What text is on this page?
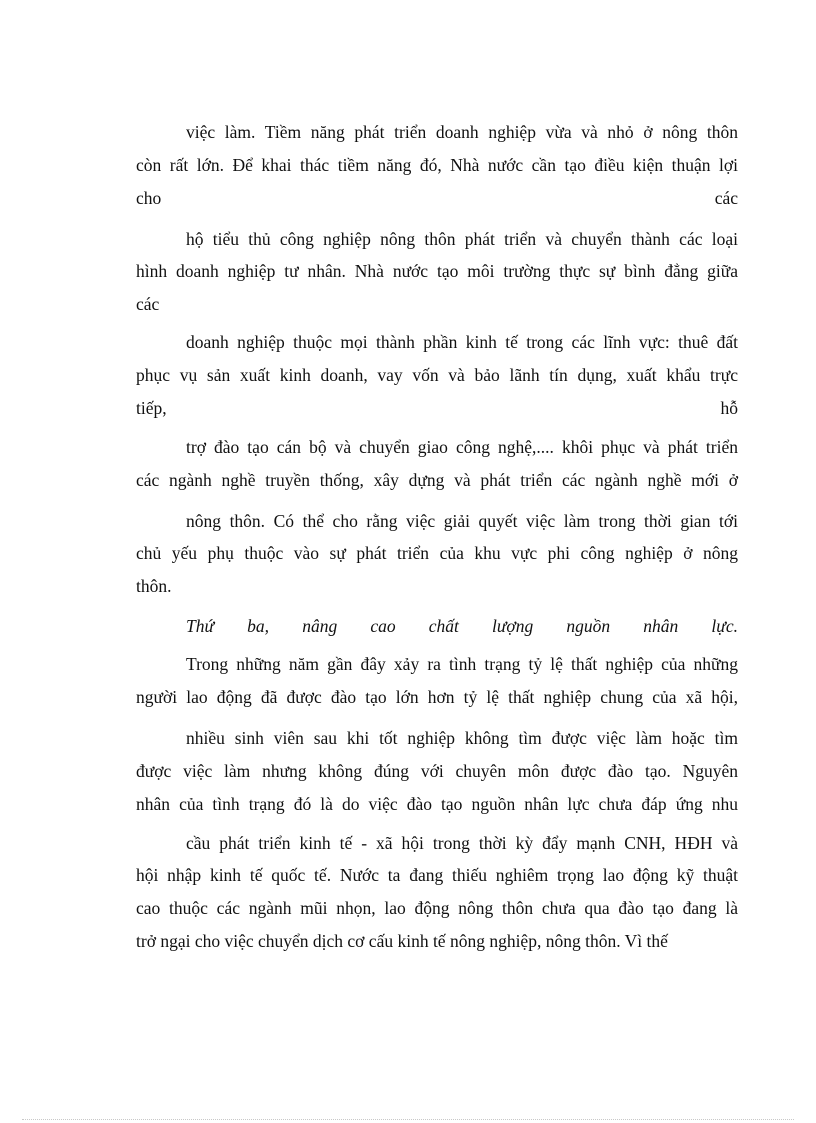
việc làm. Tiềm năng phát triển doanh nghiệp vừa và nhỏ ở nông thôn
còn rất lớn. Để khai thác tiềm năng đó, Nhà nước cần tạo điều kiện thuận lợi
cho	các
hộ tiểu thủ công nghiệp nông thôn phát triển và chuyển thành các loại
hình doanh nghiệp tư nhân. Nhà nước tạo môi trường thực sự bình đẳng giữa
các
doanh nghiệp thuộc mọi thành phần kinh tế trong các lĩnh vực: thuê đất
phục vụ sản xuất kinh doanh, vay vốn và bảo lãnh tín dụng, xuất khẩu trực
tiếp,	hỗ
trợ đào tạo cán bộ và chuyển giao công nghệ,.... khôi phục và phát triển
các ngành nghề truyền thống, xây dựng và phát triển các ngành nghề mới ở
nông thôn. Có thể cho rằng việc giải quyết việc làm trong thời gian tới
chủ yếu phụ thuộc vào sự phát triển của khu vực phi công nghiệp ở nông
thôn.
Thứ ba, nâng cao chất lượng nguồn nhân lực.
Trong những năm gần đây xảy ra tình trạng tỷ lệ thất nghiệp của những
người lao động đã được đào tạo lớn hơn tỷ lệ thất nghiệp chung của xã hội,
nhiều sinh viên sau khi tốt nghiệp không tìm được việc làm hoặc tìm
được việc làm nhưng không đúng với chuyên môn được đào tạo. Nguyên
nhân của tình trạng đó là do việc đào tạo nguồn nhân lực chưa đáp ứng nhu
cầu phát triển kinh tế - xã hội trong thời kỳ đẩy mạnh CNH, HĐH và
hội nhập kinh tế quốc tế. Nước ta đang thiếu nghiêm trọng lao động kỹ thuật
cao thuộc các ngành mũi nhọn, lao động nông thôn chưa qua đào tạo đang là
trở ngại cho việc chuyển dịch cơ cấu kinh tế nông nghiệp, nông thôn. Vì thế
